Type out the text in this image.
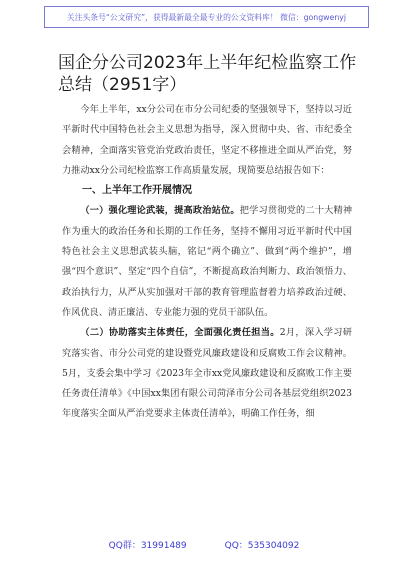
关注头条号“公文研究”，获得最新最全最专业的公文资料库！ 微信：gongwenyj
国企分公司2023年上半年纪检监察工作总结（2951字）

今年上半年，xx分公司在市分公司纪委的坚强领导下，坚持以习近平新时代中国特色社会主义思想为指导，深入贯彻中央、省、市纪委全会精神，全面落实管党治党政治责任，坚定不移推进全面从严治党，努力推动xx分公司纪检监察工作高质量发展，现简要总结报告如下：

一、上半年工作开展情况

（一）强化理论武装，提高政治站位。把学习贯彻党的二十大精神作为重大的政治任务和长期的工作任务，坚持不懈用习近平新时代中国特色社会主义思想武装头脑，铭记“两个确立”、做到“两个维护”，增强“四个意识”、坚定“四个自信”，不断提高政治判断力、政治领悟力、政治执行力，从严从实加强对干部的教育管理监督着力培养政治过硬、作风优良、清正廉洁、专业能力强的党员干部队伍。

（二）协助落实主体责任，全面强化责任担当。2月，深入学习研究落实省、市分公司党的建设暨党风廉政建设和反腐败工作会议精神。5月，支委会集中学习《2023年全市xx党风廉政建设和反腐败工作主要任务责任清单》《中国xx集团有限公司菏泽市分公司各基层党组织2023年度落实全面从严治党要求主体责任清单》，明确工作任务，细

QQ群：31991489	QQ：535304092
